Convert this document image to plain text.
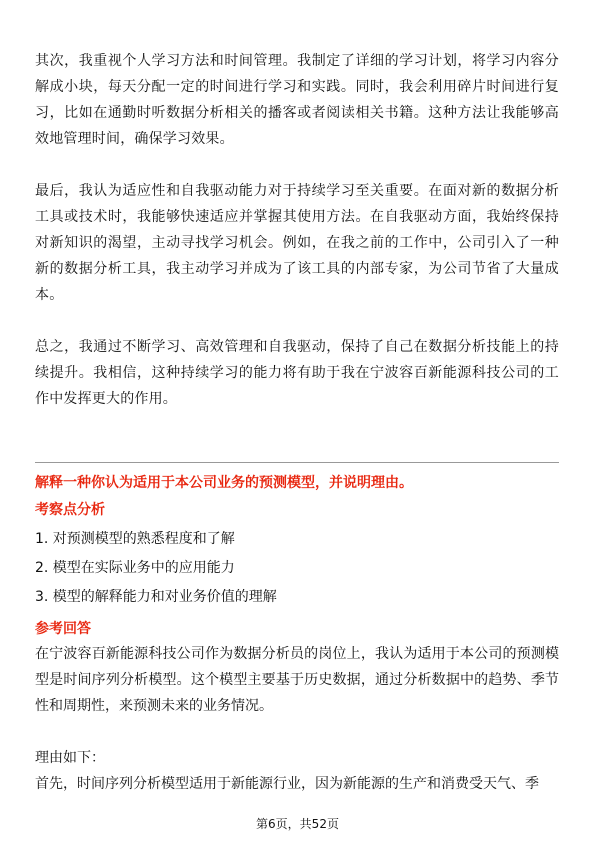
其次，我重视个人学习方法和时间管理。我制定了详细的学习计划，将学习内容分解成小块，每天分配一定的时间进行学习和实践。同时，我会利用碎片时间进行复习，比如在通勤时听数据分析相关的播客或者阅读相关书籍。这种方法让我能够高效地管理时间，确保学习效果。

最后，我认为适应性和自我驱动能力对于持续学习至关重要。在面对新的数据分析工具或技术时，我能够快速适应并掌握其使用方法。在自我驱动方面，我始终保持对新知识的渴望，主动寻找学习机会。例如，在我之前的工作中，公司引入了一种新的数据分析工具，我主动学习并成为了该工具的内部专家，为公司节省了大量成本。

总之，我通过不断学习、高效管理和自我驱动，保持了自己在数据分析技能上的持续提升。我相信，这种持续学习的能力将有助于我在宁波容百新能源科技公司的工作中发挥更大的作用。

解释一种你认为适用于本公司业务的预测模型，并说明理由。

考察点分析

1. 对预测模型的熟悉程度和了解

2. 模型在实际业务中的应用能力

3. 模型的解释能力和对业务价值的理解

参考回答

在宁波容百新能源科技公司作为数据分析员的岗位上，我认为适用于本公司的预测模型是时间序列分析模型。这个模型主要基于历史数据，通过分析数据中的趋势、季节性和周期性，来预测未来的业务情况。

理由如下：

首先，时间序列分析模型适用于新能源行业，因为新能源的生产和消费受天气、季

第6页，共52页
